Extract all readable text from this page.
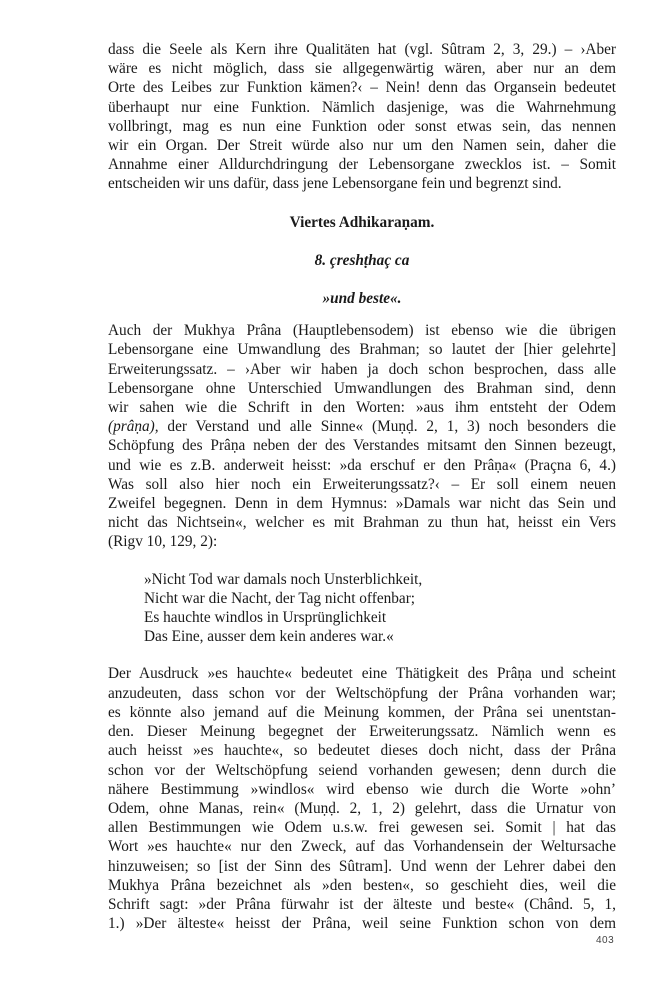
dass die Seele als Kern ihre Qualitäten hat (vgl. Sûtram 2, 3, 29.) – ›Aber

wäre es nicht möglich, dass sie allgegenwärtig wären, aber nur an dem

Orte des Leibes zur Funktion kämen?‹ – Nein! denn das Organsein bedeutet

überhaupt nur eine Funktion. Nämlich dasjenige, was die Wahrnehmung

vollbringt, mag es nun eine Funktion oder sonst etwas sein, das nennen

wir ein Organ. Der Streit würde also nur um den Namen sein, daher die

Annahme einer Alldurchdringung der Lebensorgane zwecklos ist. – Somit

entscheiden wir uns dafür, dass jene Lebensorgane fein und begrenzt sind.

Viertes Adhikaraṇam.
8. çreshṭhaç ca
»und beste«.

Auch der Mukhya Prâna (Hauptlebensodem) ist ebenso wie die übrigen

Lebensorgane eine Umwandlung des Brahman; so lautet der [hier gelehrte]

Erweiterungssatz. – ›Aber wir haben ja doch schon besprochen, dass alle

Lebensorgane ohne Unterschied Umwandlungen des Brahman sind, denn

wir sahen wie die Schrift in den Worten: »aus ihm entsteht der Odem

(prâṇa), der Verstand und alle Sinne« (Muṇḍ. 2, 1, 3) noch besonders die

Schöpfung des Prâṇa neben der des Verstandes mitsamt den Sinnen bezeugt,

und wie es z.B. anderweit heisst: »da erschuf er den Prâṇa« (Praçna 6, 4.)

Was soll also hier noch ein Erweiterungssatz?‹ – Er soll einem neuen

Zweifel begegnen. Denn in dem Hymnus: »Damals war nicht das Sein und

nicht das Nichtsein«, welcher es mit Brahman zu thun hat, heisst ein Vers

(Rigv 10, 129, 2):

»Nicht Tod war damals noch Unsterblichkeit,
Nicht war die Nacht, der Tag nicht offenbar;
Es hauchte windlos in Ursprünglichkeit
Das Eine, ausser dem kein anderes war.«

Der Ausdruck »es hauchte« bedeutet eine Thätigkeit des Prâṇa und scheint

anzudeuten, dass schon vor der Weltschöpfung der Prâna vorhanden war;

es könnte also jemand auf die Meinung kommen, der Prâna sei unentstan-

den. Dieser Meinung begegnet der Erweiterungssatz. Nämlich wenn es

auch heisst »es hauchte«, so bedeutet dieses doch nicht, dass der Prâna

schon vor der Weltschöpfung seiend vorhanden gewesen; denn durch die

nähere Bestimmung »windlos« wird ebenso wie durch die Worte »ohn’

Odem, ohne Manas, rein« (Muṇḍ. 2, 1, 2) gelehrt, dass die Urnatur von

allen Bestimmungen wie Odem u.s.w. frei gewesen sei. Somit | hat das

Wort »es hauchte« nur den Zweck, auf das Vorhandensein der Weltursache

hinzuweisen; so [ist der Sinn des Sûtram]. Und wenn der Lehrer dabei den

Mukhya Prâna bezeichnet als »den besten«, so geschieht dies, weil die

Schrift sagt: »der Prâna fürwahr ist der älteste und beste« (Chând. 5, 1,

1.) »Der älteste« heisst der Prâna, weil seine Funktion schon von dem

403
